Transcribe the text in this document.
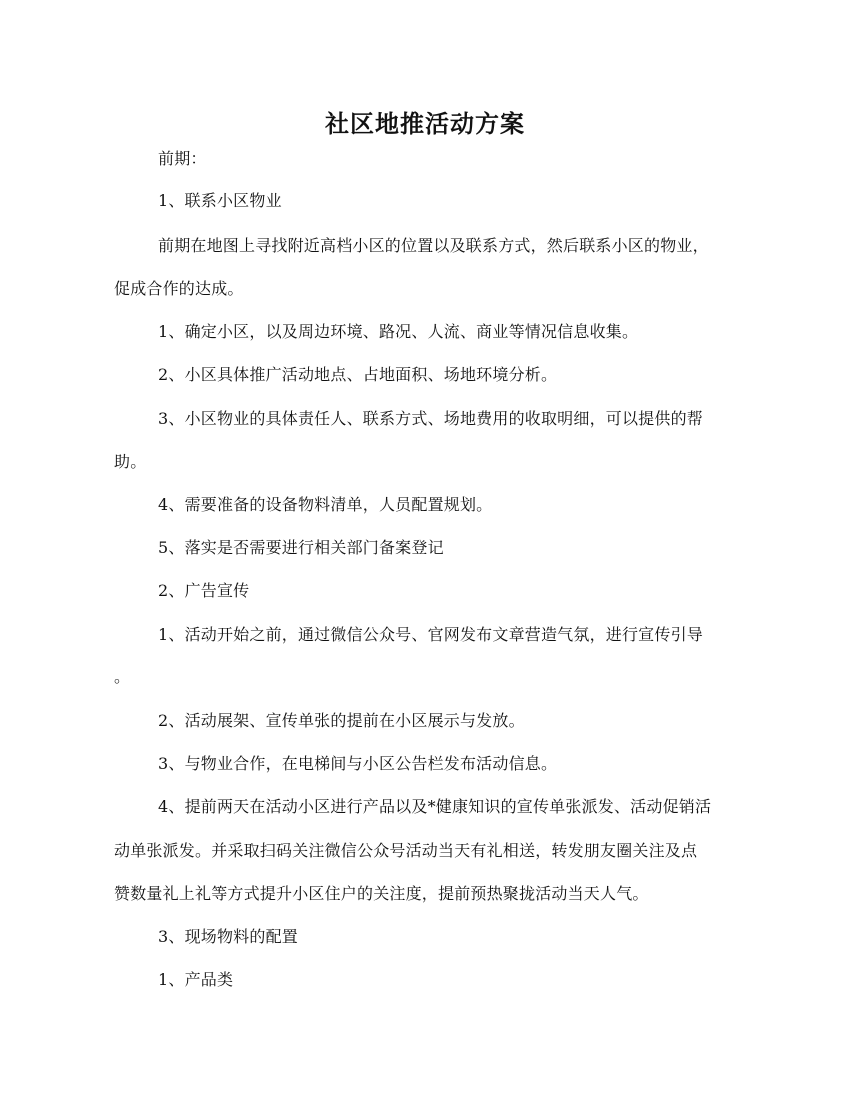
社区地推活动方案
前期：
1、联系小区物业
前期在地图上寻找附近高档小区的位置以及联系方式，然后联系小区的物业，
促成合作的达成。
1、确定小区，以及周边环境、路况、人流、商业等情况信息收集。
2、小区具体推广活动地点、占地面积、场地环境分析。
3、小区物业的具体责任人、联系方式、场地费用的收取明细，可以提供的帮
助。
4、需要准备的设备物料清单，人员配置规划。
5、落实是否需要进行相关部门备案登记
2、广告宣传
1、活动开始之前，通过微信公众号、官网发布文章营造气氛，进行宣传引导
。
2、活动展架、宣传单张的提前在小区展示与发放。
3、与物业合作，在电梯间与小区公告栏发布活动信息。
4、提前两天在活动小区进行产品以及*健康知识的宣传单张派发、活动促销活
动单张派发。并采取扫码关注微信公众号活动当天有礼相送，转发朋友圈关注及点
赞数量礼上礼等方式提升小区住户的关注度，提前预热聚拢活动当天人气。
3、现场物料的配置
1、产品类
